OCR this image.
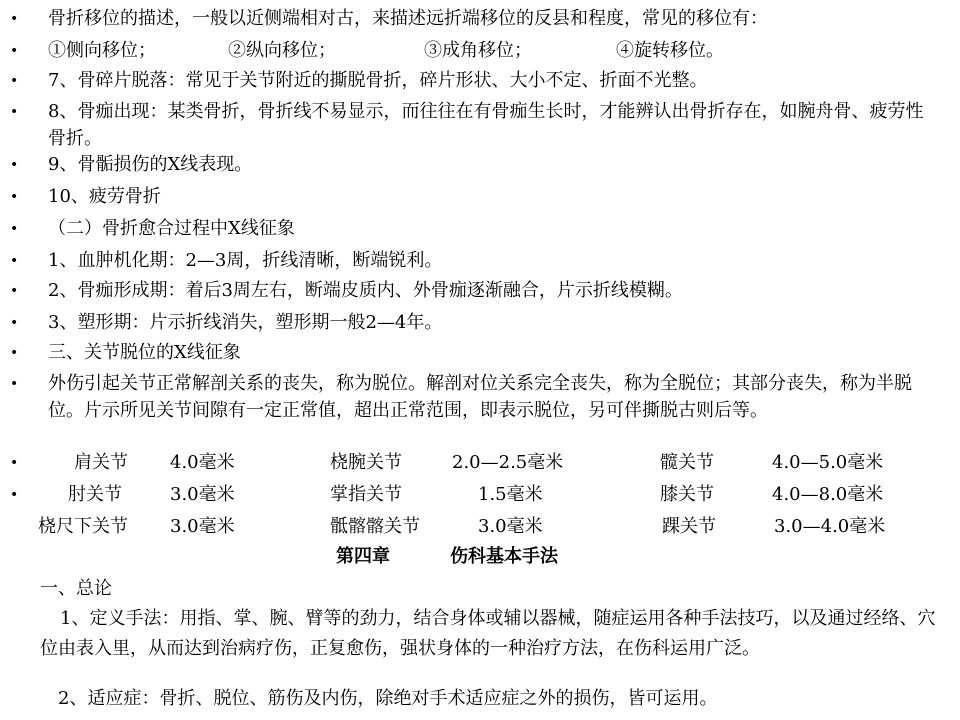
• 骨折移位的描述，一般以近侧端相对古，来描述远折端移位的反县和程度，常见的移位有：
• ①侧向移位；	②纵向移位；	③成角移位；	④旋转移位。
• 7、骨碎片脱落：常见于关节附近的撕脱骨折，碎片形状、大小不定、折面不光整。
• 8、骨痂出现：某类骨折，骨折线不易显示，而往往在有骨痂生长时，才能辨认出骨折存在，如腕舟骨、疲劳性骨折。
• 9、骨骺损伤的X线表现。
• 10、疲劳骨折
• （二）骨折愈合过程中X线征象
• 1、血肿机化期：2—3周，折线清晰，断端锐利。
• 2、骨痂形成期：着后3周左右，断端皮质内、外骨痂逐渐融合，片示折线模糊。
• 3、塑形期：片示折线消失，塑形期一般2—4年。
• 三、关节脱位的X线征象
• 外伤引起关节正常解剖关系的丧失，称为脱位。解剖对位关系完全丧失，称为全脱位；其部分丧失，称为半脱位。片示所见关节间隙有一定正常值，超出正常范围，即表示脱位，另可伴撕脱古则后等。
•	肩关节 4.0毫米	桡腕关节	2.0—2.5毫米	髋关节	4.0—5.0毫米
•	肘关节	3.0毫米	掌指关节	1.5毫米	膝关节	4.0—8.0毫米
桡尺下关节 3.0毫米	骶髂髂关节	3.0毫米	踝关节	3.0—4.0毫米
第四章	伤科基本手法
一、总论
1、定义手法：用指、掌、腕、臂等的劲力，结合身体或辅以器械，随症运用各种手法技巧，以及通过经络、穴位由表入里，从而达到治病疗伤，正复愈伤，强状身体的一种治疗方法，在伤科运用广泛。
2、适应症：骨折、脱位、筋伤及内伤，除绝对手术适应症之外的损伤，皆可运用。
